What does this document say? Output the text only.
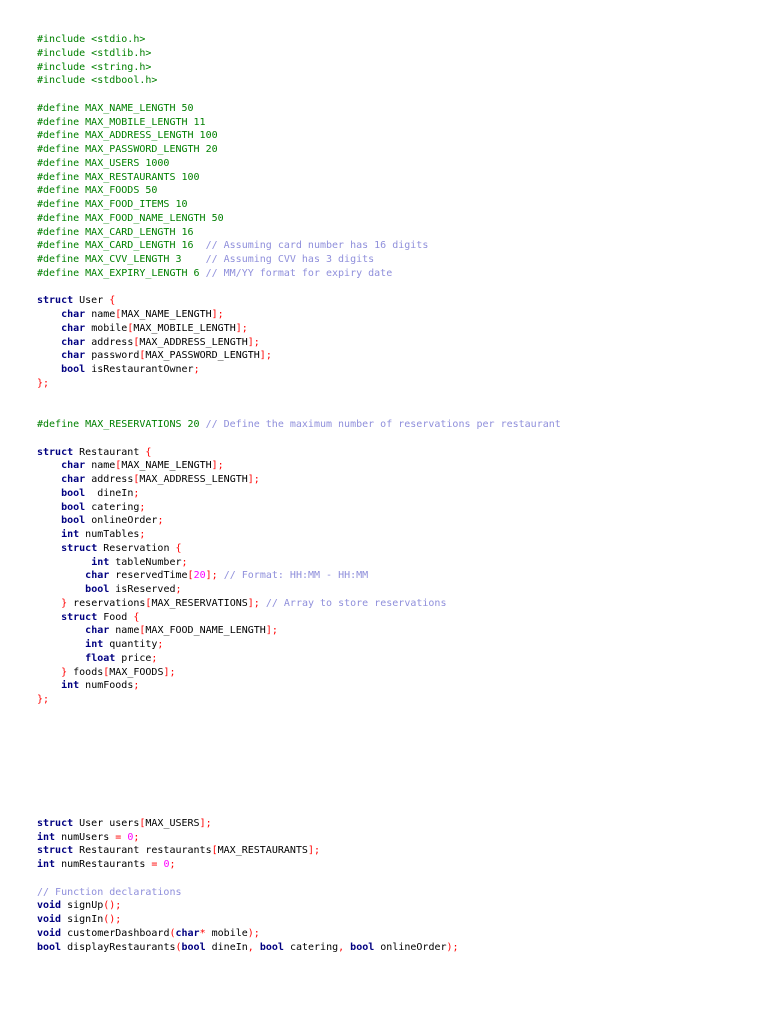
#include <stdio.h>
#include <stdlib.h>
#include <string.h>
#include <stdbool.h>
#define MAX_NAME_LENGTH 50
#define MAX_MOBILE_LENGTH 11
#define MAX_ADDRESS_LENGTH 100
#define MAX_PASSWORD_LENGTH 20
#define MAX_USERS 1000
#define MAX_RESTAURANTS 100
#define MAX_FOODS 50
#define MAX_FOOD_ITEMS 10
#define MAX_FOOD_NAME_LENGTH 50
#define MAX_CARD_LENGTH 16
#define MAX_CARD_LENGTH 16  // Assuming card number has 16 digits
#define MAX_CVV_LENGTH 3    // Assuming CVV has 3 digits
#define MAX_EXPIRY_LENGTH 6 // MM/YY format for expiry date
struct User {
char name[MAX_NAME_LENGTH];
char mobile[MAX_MOBILE_LENGTH];
char address[MAX_ADDRESS_LENGTH];
char password[MAX_PASSWORD_LENGTH];
bool isRestaurantOwner;
};
#define MAX_RESERVATIONS 20 // Define the maximum number of reservations per restaurant
struct Restaurant {
char name[MAX_NAME_LENGTH];
char address[MAX_ADDRESS_LENGTH];
bool  dineIn;
bool catering;
bool onlineOrder;
int numTables;
struct Reservation {
int tableNumber;
char reservedTime[20]; // Format: HH:MM - HH:MM
bool isReserved;
} reservations[MAX_RESERVATIONS]; // Array to store reservations
struct Food {
char name[MAX_FOOD_NAME_LENGTH];
int quantity;
float price;
} foods[MAX_FOODS];
int numFoods;
};
struct User users[MAX_USERS];
int numUsers = 0;
struct Restaurant restaurants[MAX_RESTAURANTS];
int numRestaurants = 0;
// Function declarations
void signUp();
void signIn();
void customerDashboard(char* mobile);
bool displayRestaurants(bool dineIn, bool catering, bool onlineOrder);
